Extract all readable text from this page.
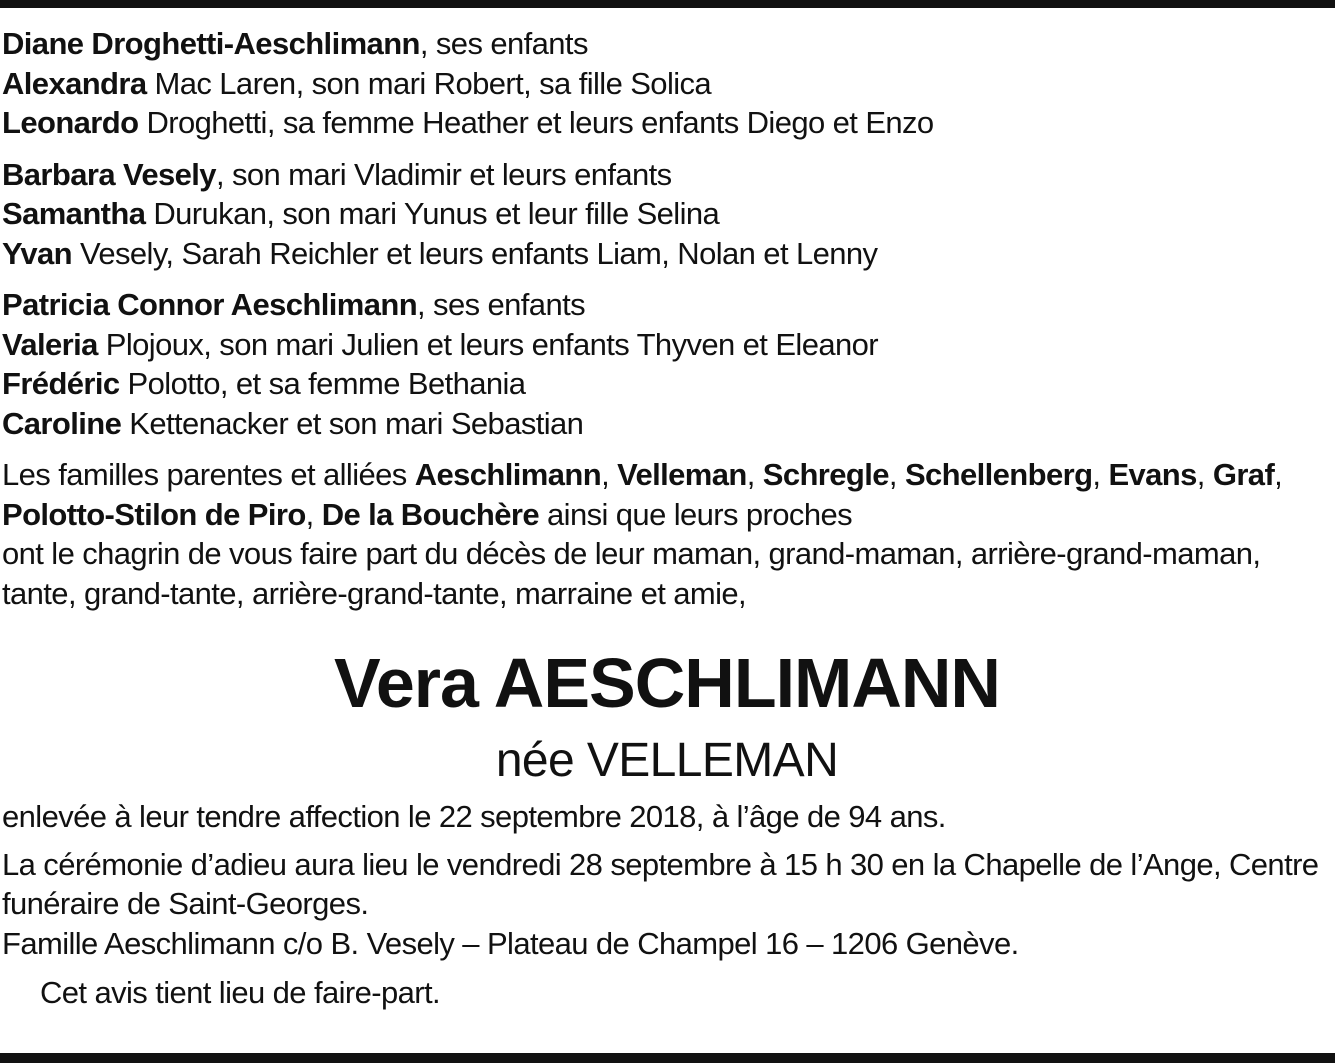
Diane Droghetti-Aeschlimann, ses enfants
Alexandra Mac Laren, son mari Robert, sa fille Solica
Leonardo Droghetti, sa femme Heather et leurs enfants Diego et Enzo
Barbara Vesely, son mari Vladimir et leurs enfants
Samantha Durukan, son mari Yunus et leur fille Selina
Yvan Vesely, Sarah Reichler et leurs enfants Liam, Nolan et Lenny
Patricia Connor Aeschlimann, ses enfants
Valeria Plojoux, son mari Julien et leurs enfants Thyven et Eleanor
Frédéric Polotto, et sa femme Bethania
Caroline Kettenacker et son mari Sebastian
Les familles parentes et alliées Aeschlimann, Velleman, Schregle, Schellenberg, Evans, Graf, Polotto-Stilon de Piro, De la Bouchère ainsi que leurs proches
ont le chagrin de vous faire part du décès de leur maman, grand-maman, arrière-grand-maman, tante, grand-tante, arrière-grand-tante, marraine et amie,
Vera AESCHLIMANN
née VELLEMAN
enlevée à leur tendre affection le 22 septembre 2018, à l’âge de 94 ans.
La cérémonie d’adieu aura lieu le vendredi 28 septembre à 15 h 30 en la Chapelle de l’Ange, Centre funéraire de Saint-Georges.
Famille Aeschlimann c/o B. Vesely – Plateau de Champel 16 – 1206 Genève.
Cet avis tient lieu de faire-part.
